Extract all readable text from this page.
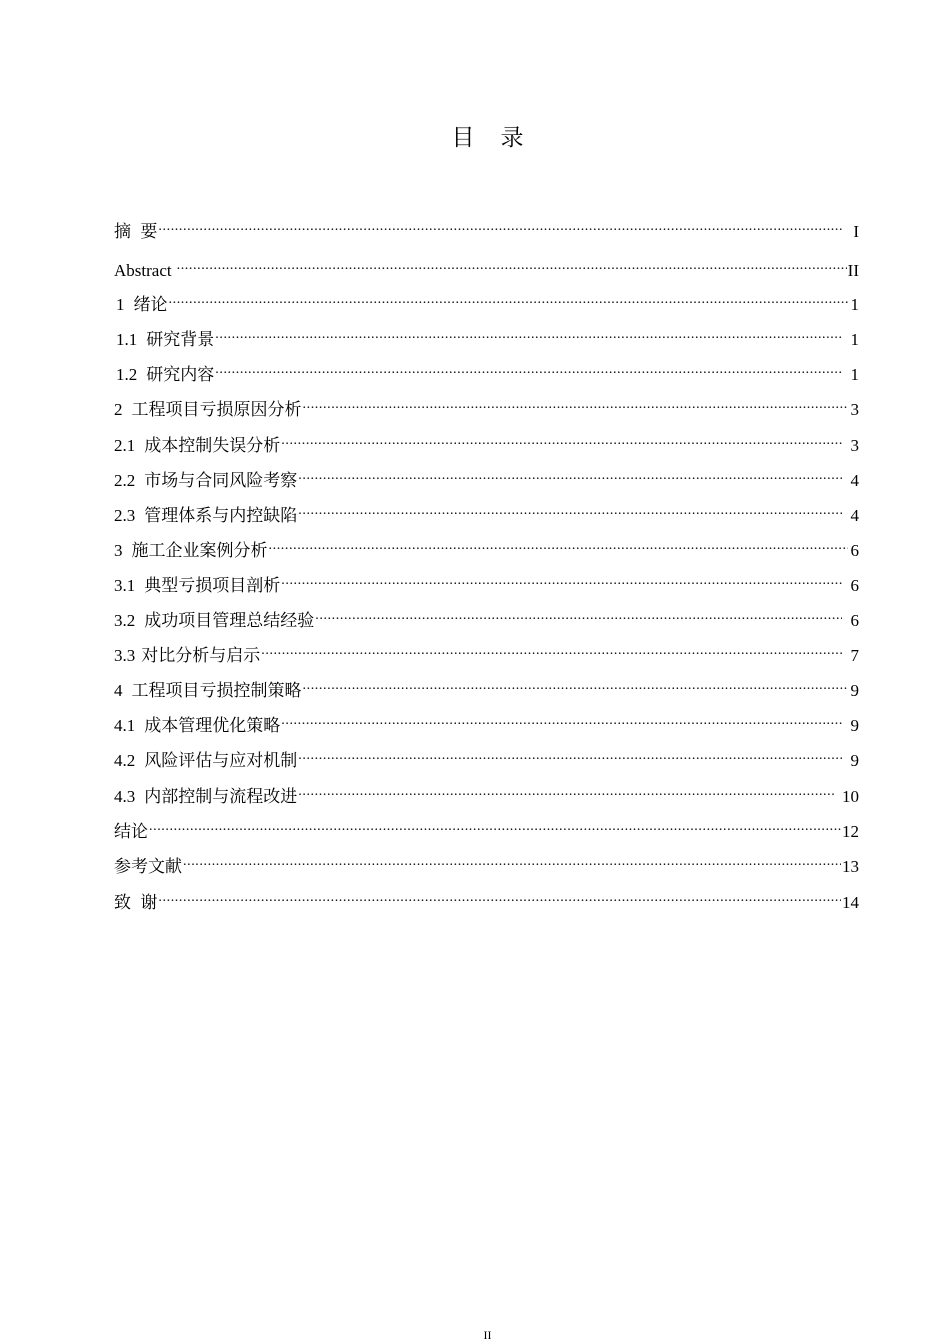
目 录
摘 要 .....	I
Abstract .....	II
1 绪论 .....	1
1.1 研究背景 .....	1
1.2 研究内容 .....	1
2 工程项目亏损原因分析 .....	3
2.1 成本控制失误分析 .....	3
2.2 市场与合同风险考察 .....	4
2.3 管理体系与内控缺陷 .....	4
3 施工企业案例分析 .....	6
3.1 典型亏损项目剖析 .....	6
3.2 成功项目管理总结经验 .....	6
3.3 对比分析与启示 .....	7
4 工程项目亏损控制策略 .....	9
4.1 成本管理优化策略 .....	9
4.2 风险评估与应对机制 .....	9
4.3 内部控制与流程改进 .....	10
结论 .....	12
参考文献 .....	13
致 谢 .....	14
II
